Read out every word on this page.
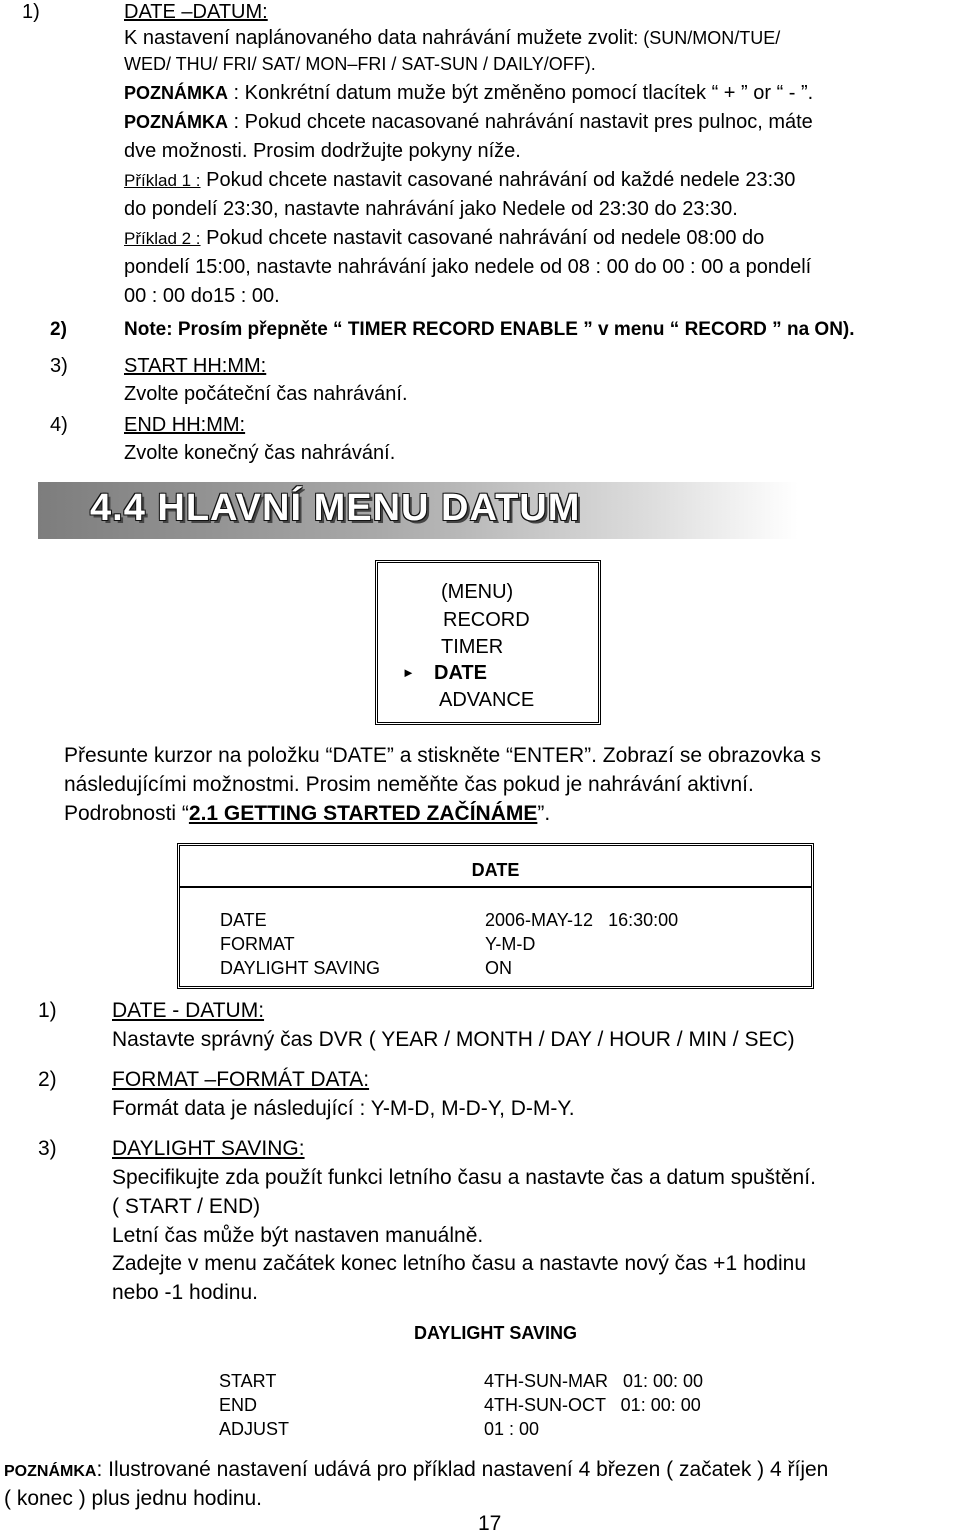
1)	DATE –DATUM:
K nastavení naplánovaného data nahrávání mužete zvolit: (SUN/MON/TUE/
WED/ THU/ FRI/ SAT/ MON–FRI / SAT-SUN / DAILY/OFF).
POZNÁMKA : Konkrétní datum muže být změněno pomocí tlacítek “ + ” or “ - ”.
POZNÁMKA : Pokud chcete nacasované nahrávání nastavit pres pulnoc, máte
dve možnosti. Prosim dodržujte pokyny níže.
Příklad 1 : Pokud chcete nastavit casované nahrávání od každé nedele 23:30
do pondelí 23:30, nastavte nahrávání jako Nedele od 23:30 do 23:30.
Příklad 2 : Pokud chcete nastavit casované nahrávání od nedele 08:00 do
pondelí 15:00, nastavte nahrávání jako nedele od 08 : 00 do 00 : 00 a pondelí
00 : 00 do15 : 00.
2)	Note: Prosím přepněte “ TIMER RECORD ENABLE ” v menu “ RECORD ” na ON).
3)	START HH:MM:
Zvolte počáteční čas nahrávání.
4)	END HH:MM:
Zvolte konečný čas nahrávání.
4.4 HLAVNÍ MENU DATUM
(MENU)
RECORD
TIMER
► DATE
ADVANCE
Přesunte kurzor na položku “DATE” a stiskněte “ENTER”. Zobrazí se obrazovka s
následujícími možnostmi. Prosim neměňte čas pokud je nahrávání aktivní.
Podrobnosti “2.1 GETTING STARTED ZAČÍNÁME”.
DATE
DATE	2006-MAY-12   16:30:00
FORMAT	Y-M-D
DAYLIGHT SAVING	ON
1)	DATE - DATUM:
Nastavte správný čas DVR ( YEAR / MONTH / DAY / HOUR / MIN / SEC)
2)	FORMAT –FORMÁT DATA:
Formát data je následující : Y-M-D, M-D-Y, D-M-Y.
3)	DAYLIGHT SAVING:
Specifikujte zda použít funkci letního času a nastavte čas a datum spuštění.
( START / END)
Letní čas může být nastaven manuálně.
Zadejte v menu začátek konec letního času a nastavte nový čas +1 hodinu
nebo -1 hodinu.
DAYLIGHT SAVING
START	4TH-SUN-MAR   01: 00: 00
END	4TH-SUN-OCT   01: 00: 00
ADJUST	01 : 00
POZNÁMKA: Ilustrované nastavení udává pro příklad nastavení 4 březen ( začatek ) 4 říjen
( konec ) plus jednu hodinu.
17
